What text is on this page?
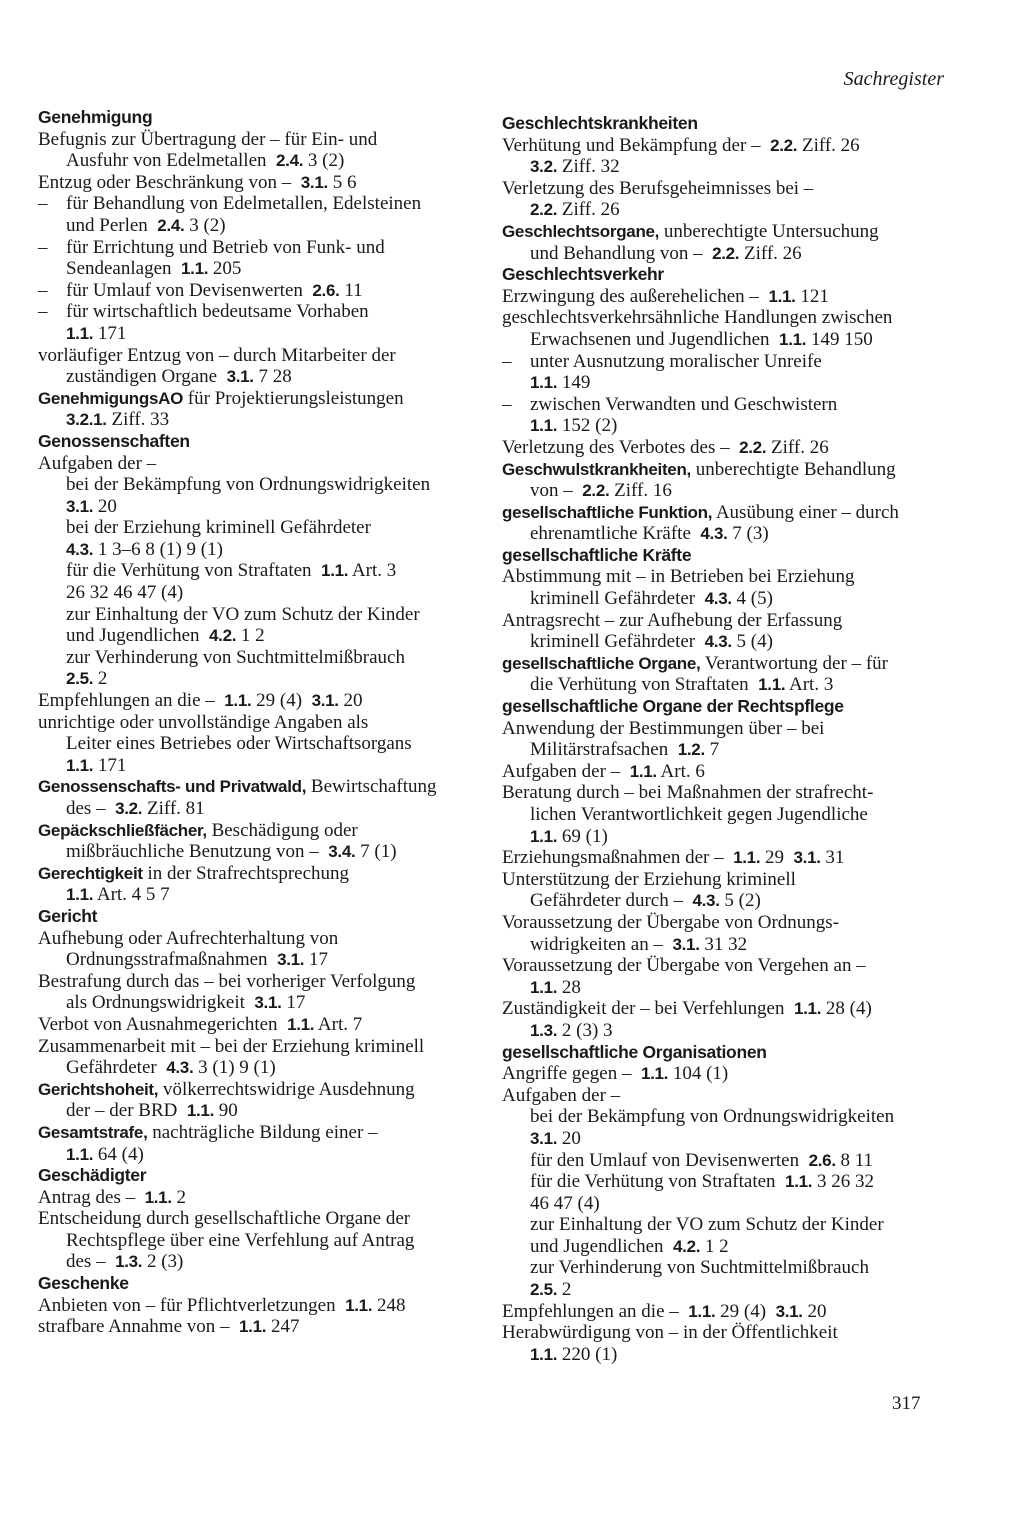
Sachregister
Genehmigung
Befugnis zur Übertragung der – für Ein- und
Ausfuhr von Edelmetallen 2.4. 3 (2)
Entzug oder Beschränkung von – 3.1. 5 6
– für Behandlung von Edelmetallen, Edelsteinen
und Perlen 2.4. 3 (2)
– für Errichtung und Betrieb von Funk- und
Sendeanlagen 1.1. 205
– für Umlauf von Devisenwerten 2.6. 11
– für wirtschaftlich bedeutsame Vorhaben
1.1. 171
vorläufiger Entzug von – durch Mitarbeiter der
zuständigen Organe 3.1. 7 28
GenehmigungsAO für Projektierungsleistungen
3.2.1. Ziff. 33
Genossenschaften
Aufgaben der –
bei der Bekämpfung von Ordnungswidrigkeiten
3.1. 20
bei der Erziehung kriminell Gefährdeter
4.3. 1 3–6 8 (1) 9 (1)
für die Verhütung von Straftaten 1.1. Art. 3
26 32 46 47 (4)
zur Einhaltung der VO zum Schutz der Kinder
und Jugendlichen 4.2. 1 2
zur Verhinderung von Suchtmittelmißbrauch
2.5. 2
Empfehlungen an die – 1.1. 29 (4) 3.1. 20
unrichtige oder unvollständige Angaben als
Leiter eines Betriebes oder Wirtschaftsorgans
1.1. 171
Genossenschafts- und Privatwald, Bewirtschaftung
des – 3.2. Ziff. 81
Gepäckschließfächer, Beschädigung oder
mißbräuchliche Benutzung von – 3.4. 7 (1)
Gerechtigkeit in der Strafrechtsprechung
1.1. Art. 4 5 7
Gericht
Aufhebung oder Aufrechterhaltung von
Ordnungsstrafmaßnahmen 3.1. 17
Bestrafung durch das – bei vorheriger Verfolgung
als Ordnungswidrigkeit 3.1. 17
Verbot von Ausnahmegerichten 1.1. Art. 7
Zusammenarbeit mit – bei der Erziehung kriminell
Gefährdeter 4.3. 3 (1) 9 (1)
Gerichtshoheit, völkerrechtswidrige Ausdehnung
der – der BRD 1.1. 90
Gesamtstrafe, nachträgliche Bildung einer –
1.1. 64 (4)
Geschädigter
Antrag des – 1.1. 2
Entscheidung durch gesellschaftliche Organe der
Rechtspflege über eine Verfehlung auf Antrag
des – 1.3. 2 (3)
Geschenke
Anbieten von – für Pflichtverletzungen 1.1. 248
strafbare Annahme von – 1.1. 247
Geschlechtskrankheiten
Verhütung und Bekämpfung der – 2.2. Ziff. 26
3.2. Ziff. 32
Verletzung des Berufsgeheimnisses bei –
2.2. Ziff. 26
Geschlechtsorgane, unberechtigte Untersuchung
und Behandlung von – 2.2. Ziff. 26
Geschlechtsverkehr
Erzwingung des außerehelichen – 1.1. 121
geschlechtsverkehrsähnliche Handlungen zwischen
Erwachsenen und Jugendlichen 1.1. 149 150
– unter Ausnutzung moralischer Unreife
1.1. 149
– zwischen Verwandten und Geschwistern
1.1. 152 (2)
Verletzung des Verbotes des – 2.2. Ziff. 26
Geschwulstkrankheiten, unberechtigte Behandlung
von – 2.2. Ziff. 16
gesellschaftliche Funktion, Ausübung einer – durch
ehrenamtliche Kräfte 4.3. 7 (3)
gesellschaftliche Kräfte
Abstimmung mit – in Betrieben bei Erziehung
kriminell Gefährdeter 4.3. 4 (5)
Antragsrecht – zur Aufhebung der Erfassung
kriminell Gefährdeter 4.3. 5 (4)
gesellschaftliche Organe, Verantwortung der – für
die Verhütung von Straftaten 1.1. Art. 3
gesellschaftliche Organe der Rechtspflege
Anwendung der Bestimmungen über – bei
Militärstrafsachen 1.2. 7
Aufgaben der – 1.1. Art. 6
Beratung durch – bei Maßnahmen der strafrecht-
lichen Verantwortlichkeit gegen Jugendliche
1.1. 69 (1)
Erziehungsmaßnahmen der – 1.1. 29 3.1. 31
Unterstützung der Erziehung kriminell
Gefährdeter durch – 4.3. 5 (2)
Voraussetzung der Übergabe von Ordnungs-
widrigkeiten an – 3.1. 31 32
Voraussetzung der Übergabe von Vergehen an –
1.1. 28
Zuständigkeit der – bei Verfehlungen 1.1. 28 (4)
1.3. 2 (3) 3
gesellschaftliche Organisationen
Angriffe gegen – 1.1. 104 (1)
Aufgaben der –
bei der Bekämpfung von Ordnungswidrigkeiten
3.1. 20
für den Umlauf von Devisenwerten 2.6. 8 11
für die Verhütung von Straftaten 1.1. 3 26 32
46 47 (4)
zur Einhaltung der VO zum Schutz der Kinder
und Jugendlichen 4.2. 1 2
zur Verhinderung von Suchtmittelmißbrauch
2.5. 2
Empfehlungen an die – 1.1. 29 (4) 3.1. 20
Herabwürdigung von – in der Öffentlichkeit
1.1. 220 (1)
317
